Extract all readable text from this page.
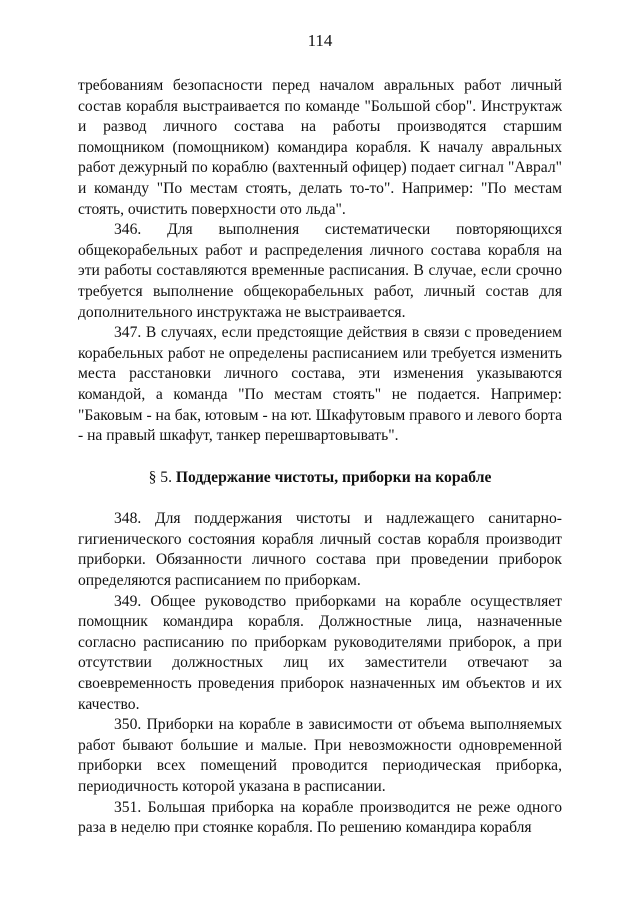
114

требованиям безопасности перед началом авральных работ личный состав корабля выстраивается по команде "Большой сбор". Инструктаж и развод личного состава на работы производятся старшим помощником (помощником) командира корабля. К началу авральных работ дежурный по кораблю (вахтенный офицер) подает сигнал "Аврал" и команду "По местам стоять, делать то-то". Например: "По местам стоять, очистить поверхности ото льда".

346. Для выполнения систематически повторяющихся общекорабельных работ и распределения личного состава корабля на эти работы составляются временные расписания. В случае, если срочно требуется выполнение общекорабельных работ, личный состав для дополнительного инструктажа не выстраивается.

347. В случаях, если предстоящие действия в связи с проведением корабельных работ не определены расписанием или требуется изменить места расстановки личного состава, эти изменения указываются командой, а команда "По местам стоять" не подается. Например: "Баковым - на бак, ютовым - на ют. Шкафутовым правого и левого борта - на правый шкафут, танкер перешвартовывать".

§ 5. Поддержание чистоты, приборки на корабле

348. Для поддержания чистоты и надлежащего санитарно-гигиенического состояния корабля личный состав корабля производит приборки. Обязанности личного состава при проведении приборок определяются расписанием по приборкам.

349. Общее руководство приборками на корабле осуществляет помощник командира корабля. Должностные лица, назначенные согласно расписанию по приборкам руководителями приборок, а при отсутствии должностных лиц их заместители отвечают за своевременность проведения приборок назначенных им объектов и их качество.

350. Приборки на корабле в зависимости от объема выполняемых работ бывают большие и малые. При невозможности одновременной приборки всех помещений проводится периодическая приборка, периодичность которой указана в расписании.

351. Большая приборка на корабле производится не реже одного раза в неделю при стоянке корабля. По решению командира корабля
